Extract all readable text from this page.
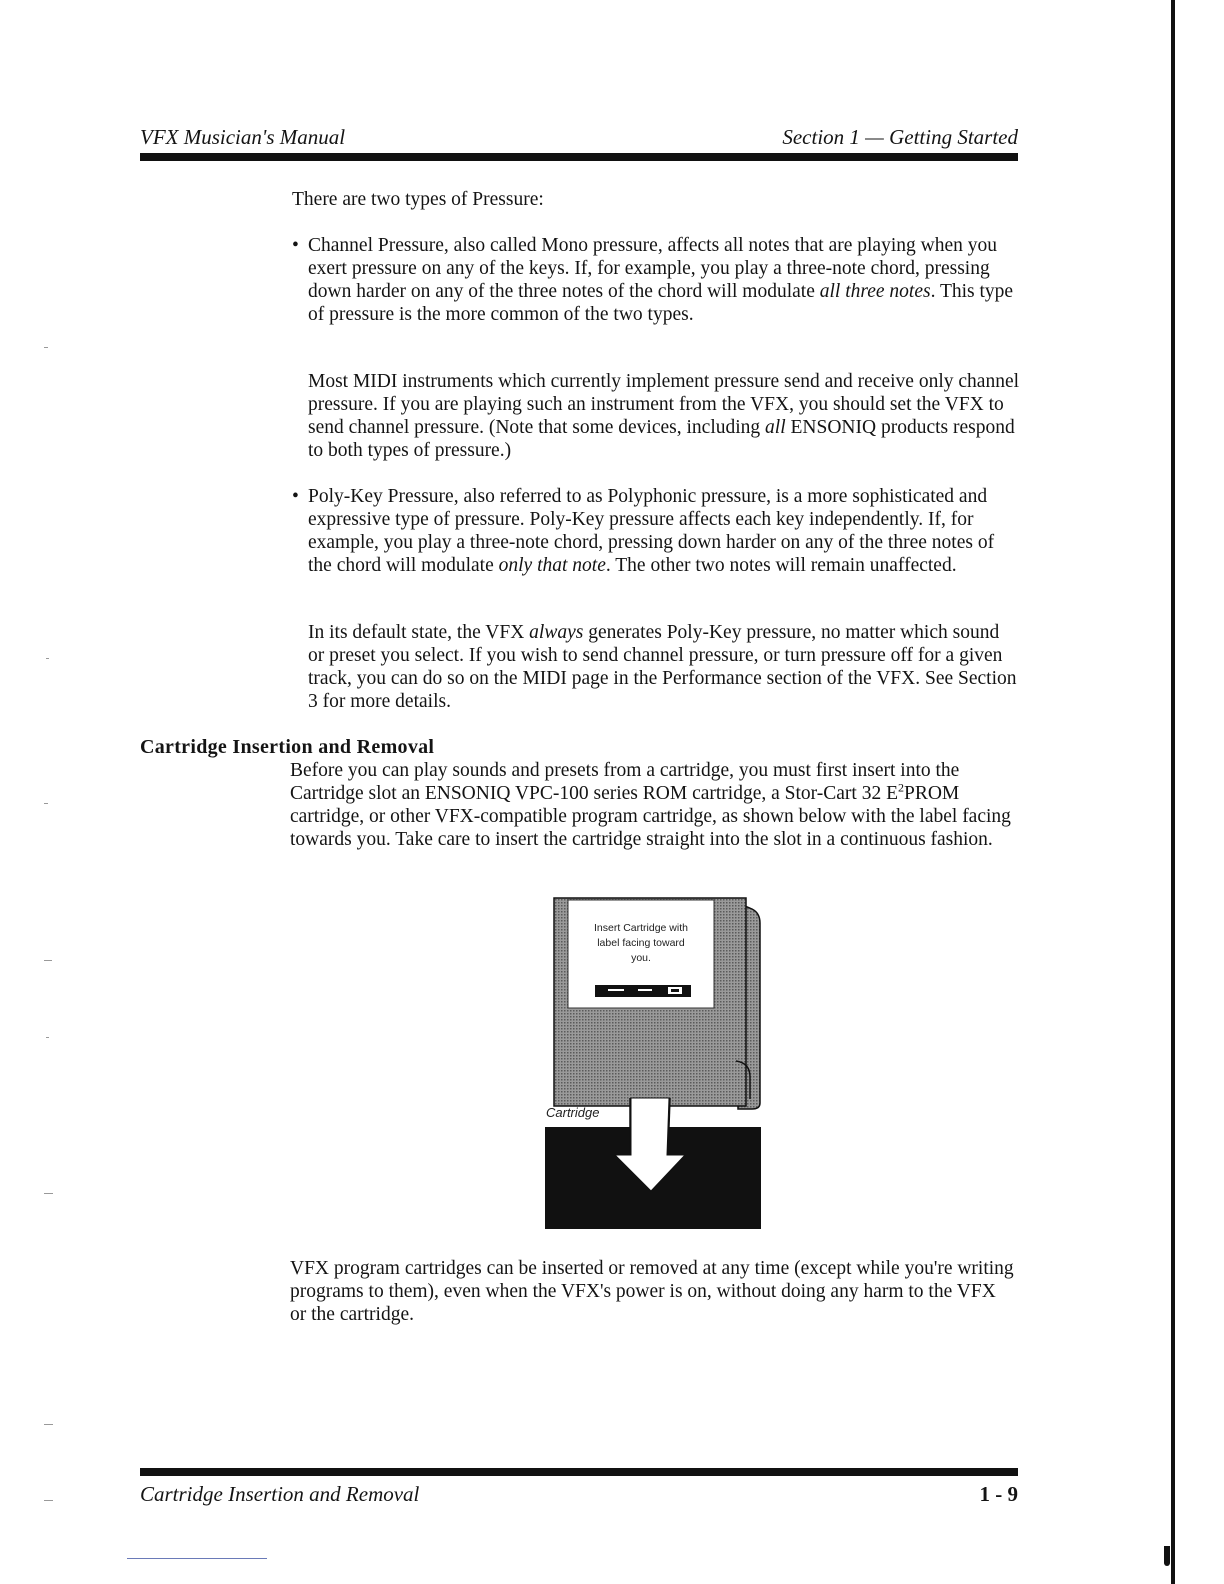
VFX Musician's Manual	Section 1 — Getting Started
There are two types of Pressure:
• Channel Pressure, also called Mono pressure, affects all notes that are playing when you exert pressure on any of the keys. If, for example, you play a three-note chord, pressing down harder on any of the three notes of the chord will modulate all three notes. This type of pressure is the more common of the two types.
Most MIDI instruments which currently implement pressure send and receive only channel pressure. If you are playing such an instrument from the VFX, you should set the VFX to send channel pressure. (Note that some devices, including all ENSONIQ products respond to both types of pressure.)
• Poly-Key Pressure, also referred to as Polyphonic pressure, is a more sophisticated and expressive type of pressure. Poly-Key pressure affects each key independently. If, for example, you play a three-note chord, pressing down harder on any of the three notes of the chord will modulate only that note. The other two notes will remain unaffected.
In its default state, the VFX always generates Poly-Key pressure, no matter which sound or preset you select. If you wish to send channel pressure, or turn pressure off for a given track, you can do so on the MIDI page in the Performance section of the VFX. See Section 3 for more details.
Cartridge Insertion and Removal
Before you can play sounds and presets from a cartridge, you must first insert into the Cartridge slot an ENSONIQ VPC-100 series ROM cartridge, a Stor-Cart 32 $E^2PROM$ cartridge, or other VFX-compatible program cartridge, as shown below with the label facing towards you. Take care to insert the cartridge straight into the slot in a continuous fashion.
Insert Cartridge with label facing toward you.
Cartridge
VFX program cartridges can be inserted or removed at any time (except while you're writing programs to them), even when the VFX's power is on, without doing any harm to the VFX or the cartridge.
Cartridge Insertion and Removal	1 - 9
